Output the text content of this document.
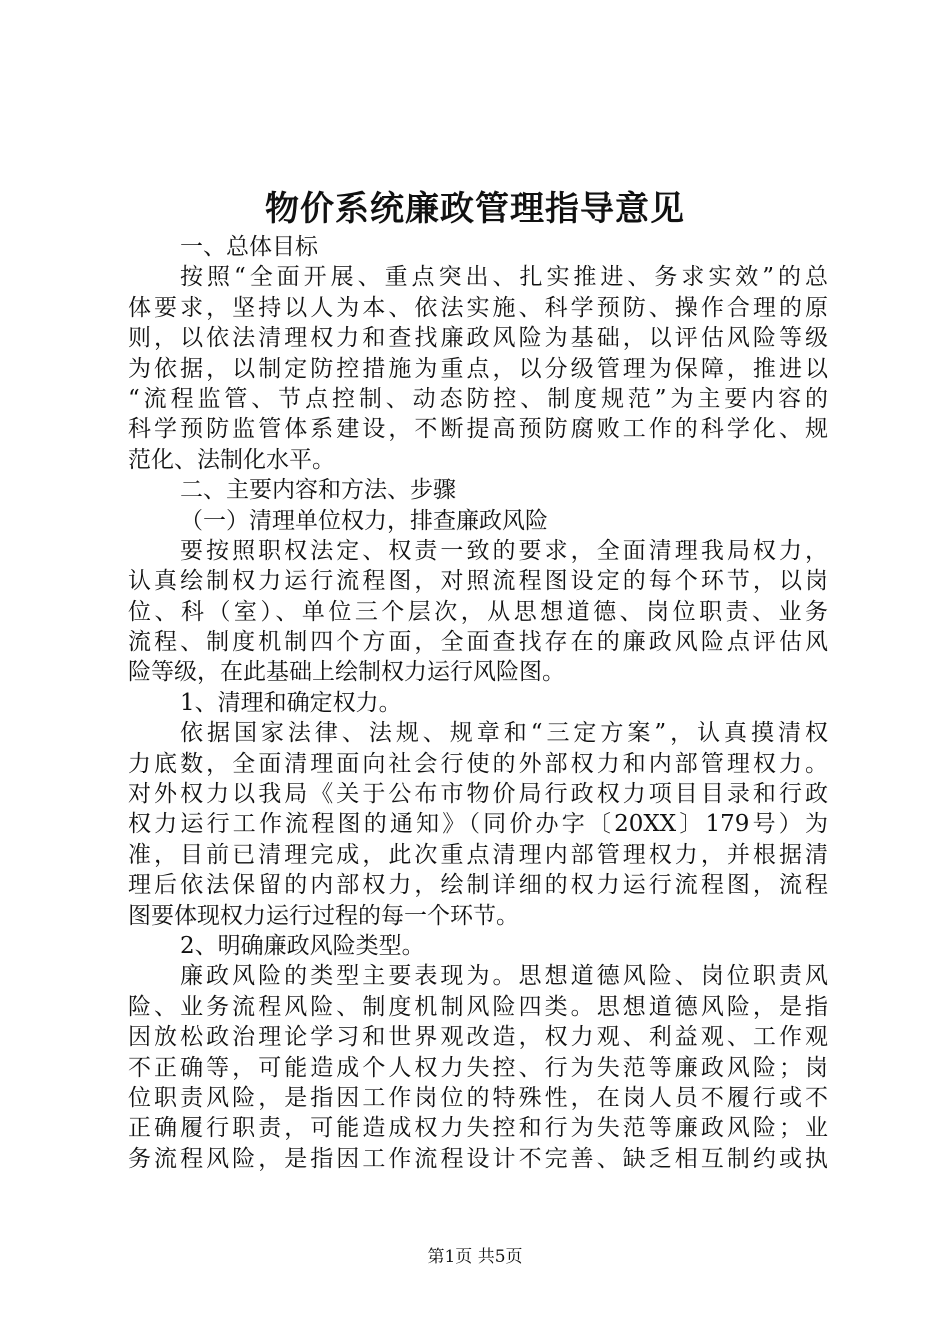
物价系统廉政管理指导意见
一、总体目标
按照“全面开展、重点突出、扎实推进、务求实效”的总
体要求，坚持以人为本、依法实施、科学预防、操作合理的原
则，以依法清理权力和查找廉政风险为基础，以评估风险等级
为依据，以制定防控措施为重点，以分级管理为保障，推进以
“流程监管、节点控制、动态防控、制度规范”为主要内容的
科学预防监管体系建设，不断提高预防腐败工作的科学化、规
范化、法制化水平。
二、主要内容和方法、步骤
（一）清理单位权力，排查廉政风险
要按照职权法定、权责一致的要求，全面清理我局权力，
认真绘制权力运行流程图，对照流程图设定的每个环节，以岗
位、科（室）、单位三个层次，从思想道德、岗位职责、业务
流程、制度机制四个方面，全面查找存在的廉政风险点评估风
险等级，在此基础上绘制权力运行风险图。
1、清理和确定权力。
依据国家法律、法规、规章和“三定方案”，认真摸清权
力底数，全面清理面向社会行使的外部权力和内部管理权力。
对外权力以我局《关于公布市物价局行政权力项目目录和行政
权力运行工作流程图的通知》（同价办字〔20XX〕179号）为
准，目前已清理完成，此次重点清理内部管理权力，并根据清
理后依法保留的内部权力，绘制详细的权力运行流程图，流程
图要体现权力运行过程的每一个环节。
2、明确廉政风险类型。
廉政风险的类型主要表现为。思想道德风险、岗位职责风
险、业务流程风险、制度机制风险四类。思想道德风险，是指
因放松政治理论学习和世界观改造，权力观、利益观、工作观
不正确等，可能造成个人权力失控、行为失范等廉政风险；岗
位职责风险，是指因工作岗位的特殊性，在岗人员不履行或不
正确履行职责，可能造成权力失控和行为失范等廉政风险；业
务流程风险，是指因工作流程设计不完善、缺乏相互制约或执
第1页 共5页
